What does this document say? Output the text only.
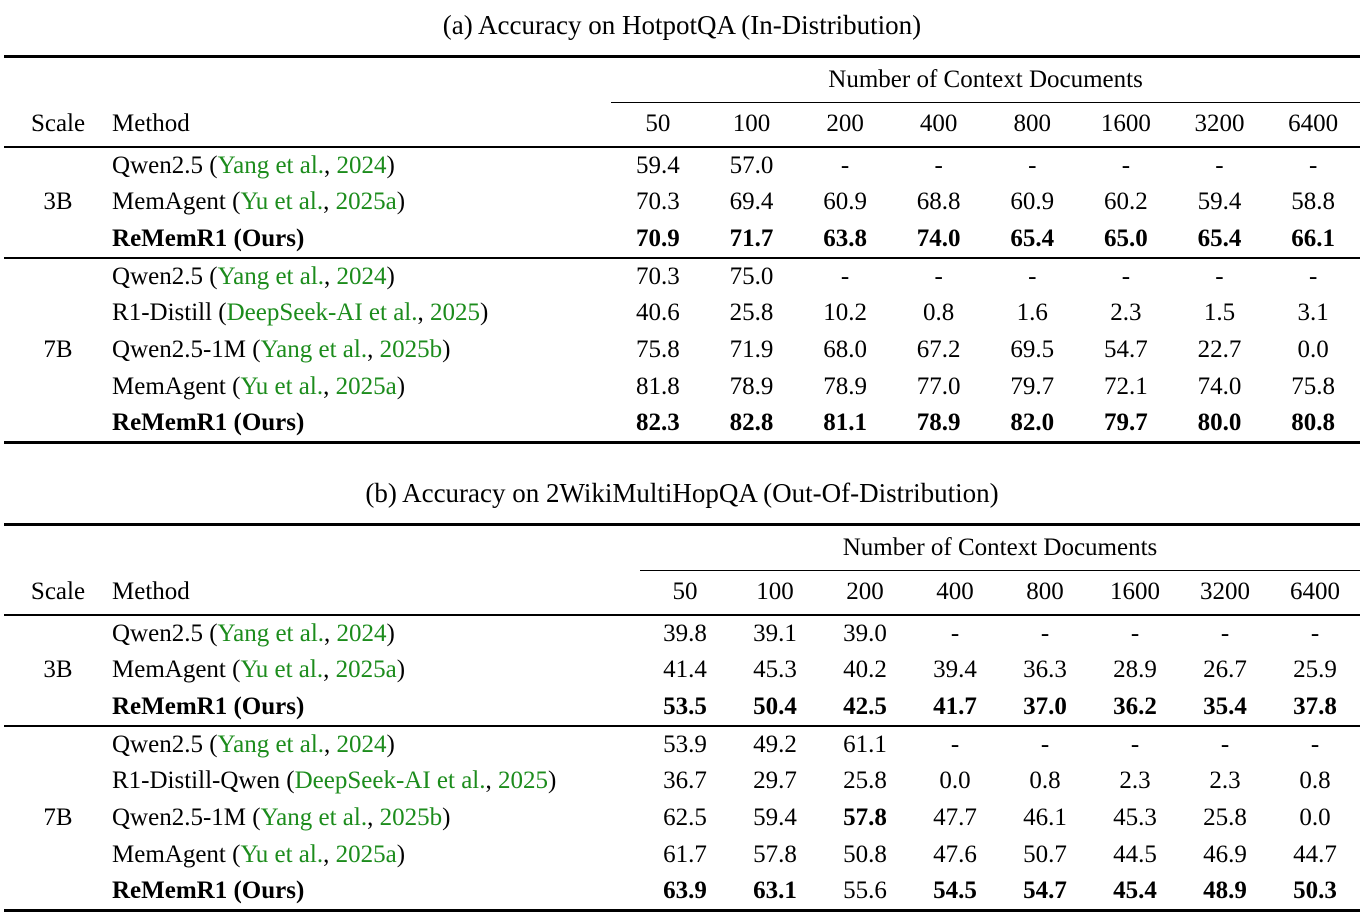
(a) Accuracy on HotpotQA (In-Distribution)
		Number of Context Documents							
Scale	Method	50	100	200	400	800	1600	3200	6400
3B	Qwen2.5 (Yang et al., 2024)	59.4	57.0	-	-	-	-	-	-
	MemAgent (Yu et al., 2025a)	70.3	69.4	60.9	68.8	60.9	60.2	59.4	58.8
	ReMemR1 (Ours)	70.9	71.7	63.8	74.0	65.4	65.0	65.4	66.1
7B	Qwen2.5 (Yang et al., 2024)	70.3	75.0	-	-	-	-	-	-
	R1-Distill (DeepSeek-AI et al., 2025)	40.6	25.8	10.2	0.8	1.6	2.3	1.5	3.1
	Qwen2.5-1M (Yang et al., 2025b)	75.8	71.9	68.0	67.2	69.5	54.7	22.7	0.0
	MemAgent (Yu et al., 2025a)	81.8	78.9	78.9	77.0	79.7	72.1	74.0	75.8
	ReMemR1 (Ours)	82.3	82.8	81.1	78.9	82.0	79.7	80.0	80.8
(b) Accuracy on 2WikiMultiHopQA (Out-Of-Distribution)
		Number of Context Documents							
Scale	Method	50	100	200	400	800	1600	3200	6400
3B	Qwen2.5 (Yang et al., 2024)	39.8	39.1	39.0	-	-	-	-	-
	MemAgent (Yu et al., 2025a)	41.4	45.3	40.2	39.4	36.3	28.9	26.7	25.9
	ReMemR1 (Ours)	53.5	50.4	42.5	41.7	37.0	36.2	35.4	37.8
7B	Qwen2.5 (Yang et al., 2024)	53.9	49.2	61.1	-	-	-	-	-
	R1-Distill-Qwen (DeepSeek-AI et al., 2025)	36.7	29.7	25.8	0.0	0.8	2.3	2.3	0.8
	Qwen2.5-1M (Yang et al., 2025b)	62.5	59.4	57.8	47.7	46.1	45.3	25.8	0.0
	MemAgent (Yu et al., 2025a)	61.7	57.8	50.8	47.6	50.7	44.5	46.9	44.7
	ReMemR1 (Ours)	63.9	63.1	55.6	54.5	54.7	45.4	48.9	50.3
